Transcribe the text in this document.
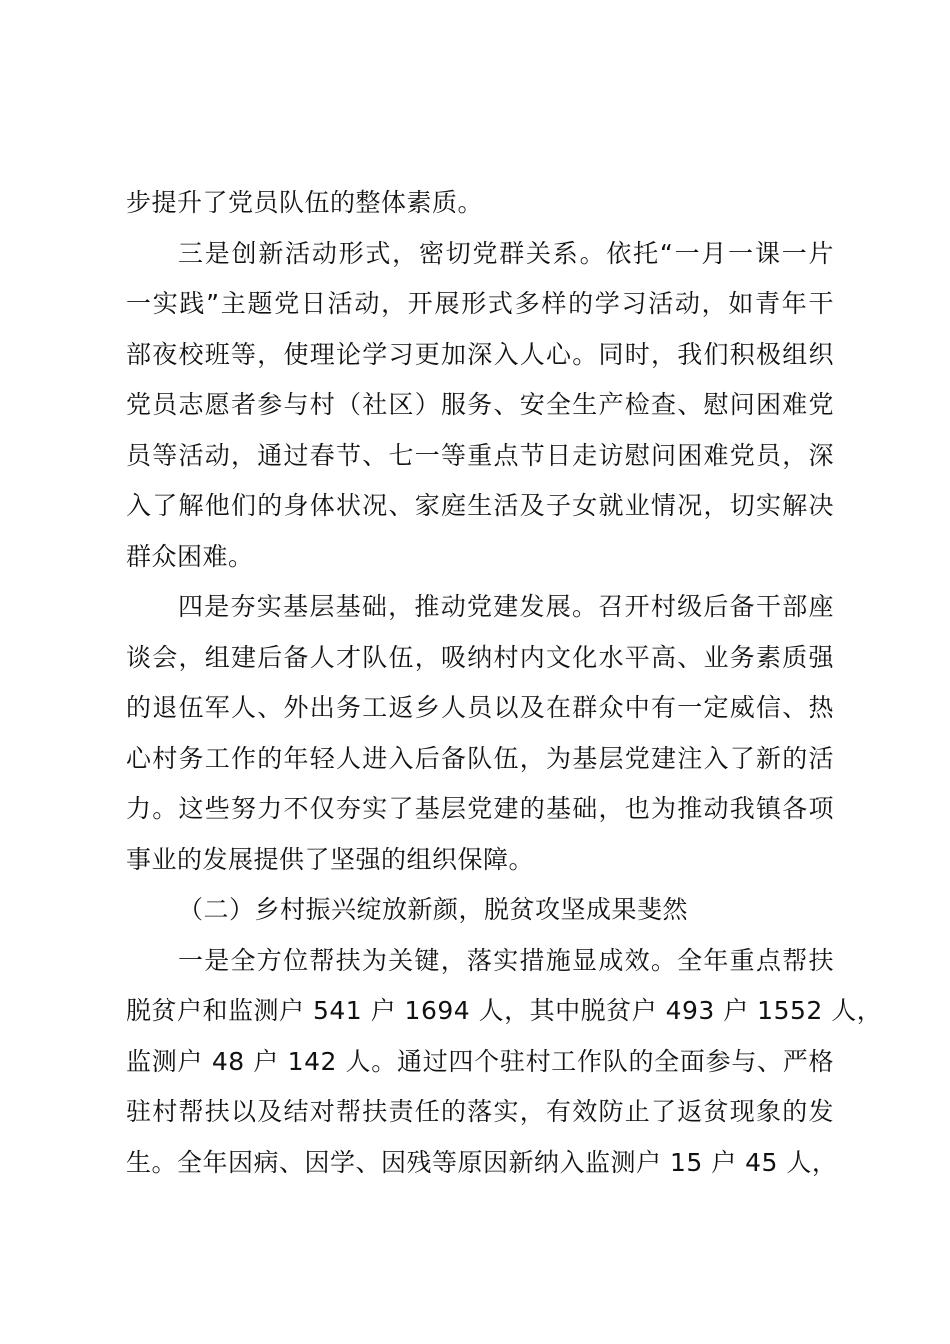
步提升了党员队伍的整体素质。
三是创新活动形式，密切党群关系。依托“一月一课一片
一实践”主题党日活动，开展形式多样的学习活动，如青年干
部夜校班等，使理论学习更加深入人心。同时，我们积极组织
党员志愿者参与村（社区）服务、安全生产检查、慰问困难党
员等活动，通过春节、七一等重点节日走访慰问困难党员，深
入了解他们的身体状况、家庭生活及子女就业情况，切实解决
群众困难。
四是夯实基层基础，推动党建发展。召开村级后备干部座
谈会，组建后备人才队伍，吸纳村内文化水平高、业务素质强
的退伍军人、外出务工返乡人员以及在群众中有一定威信、热
心村务工作的年轻人进入后备队伍，为基层党建注入了新的活
力。这些努力不仅夯实了基层党建的基础，也为推动我镇各项
事业的发展提供了坚强的组织保障。
（二）乡村振兴绽放新颜，脱贫攻坚成果斐然
一是全方位帮扶为关键，落实措施显成效。全年重点帮扶
脱贫户和监测户 541 户 1694 人，其中脱贫户 493 户 1552 人，
监测户 48 户 142 人。通过四个驻村工作队的全面参与、严格
驻村帮扶以及结对帮扶责任的落实，有效防止了返贫现象的发
生。全年因病、因学、因残等原因新纳入监测户 15 户 45 人，
